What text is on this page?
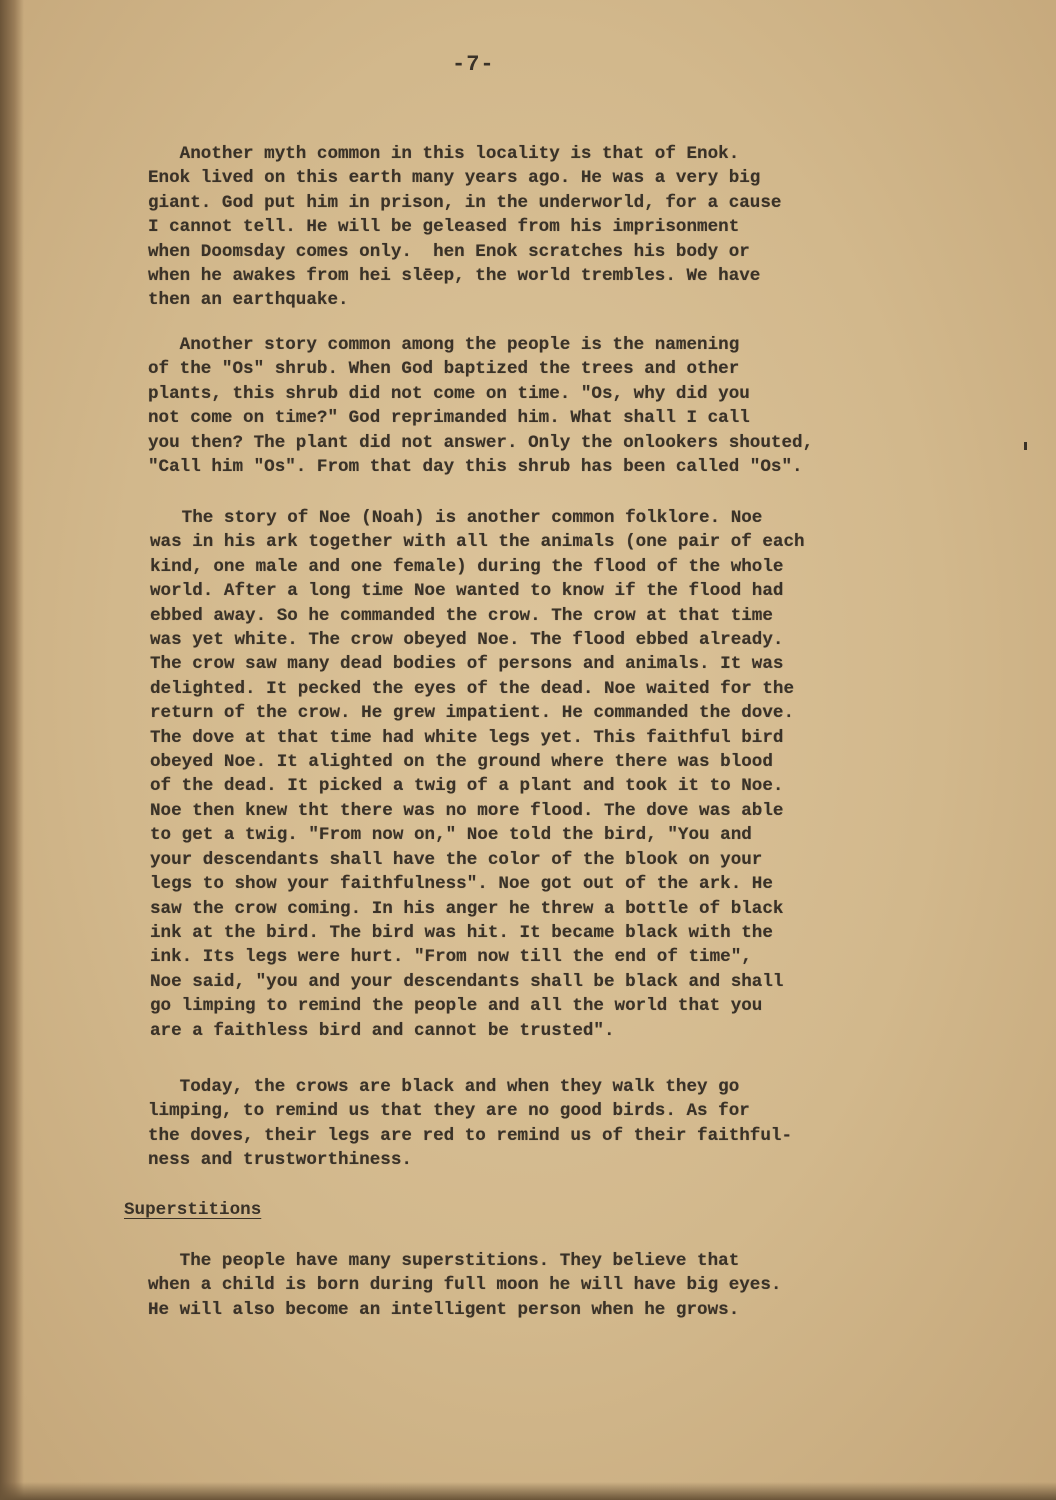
-7-

Another myth common in this locality is that of Enok.
Enok lived on this earth many years ago. He was a very big
giant. God put him in prison, in the underworld, for a cause
I cannot tell. He will be geleased from his imprisonment
when Doomsday comes only.  hen Enok scratches his body or
when he awakes from hei slēep, the world trembles. We have
then an earthquake.

Another story common among the people is the namening
of the "Os" shrub. When God baptized the trees and other
plants, this shrub did not come on time. "Os, why did you
not come on time?" God reprimanded him. What shall I call
you then? The plant did not answer. Only the onlookers shouted,
"Call him "Os". From that day this shrub has been called "Os".

The story of Noe (Noah) is another common folklore. Noe
was in his ark together with all the animals (one pair of each
kind, one male and one female) during the flood of the whole
world. After a long time Noe wanted to know if the flood had
ebbed away. So he commanded the crow. The crow at that time
was yet white. The crow obeyed Noe. The flood ebbed already.
The crow saw many dead bodies of persons and animals. It was
delighted. It pecked the eyes of the dead. Noe waited for the
return of the crow. He grew impatient. He commanded the dove.
The dove at that time had white legs yet. This faithful bird
obeyed Noe. It alighted on the ground where there was blood
of the dead. It picked a twig of a plant and took it to Noe.
Noe then knew tht there was no more flood. The dove was able
to get a twig. "From now on," Noe told the bird, "You and
your descendants shall have the color of the blook on your
legs to show your faithfulness". Noe got out of the ark. He
saw the crow coming. In his anger he threw a bottle of black
ink at the bird. The bird was hit. It became black with the
ink. Its legs were hurt. "From now till the end of time",
Noe said, "you and your descendants shall be black and shall
go limping to remind the people and all the world that you
are a faithless bird and cannot be trusted".

Today, the crows are black and when they walk they go
limping, to remind us that they are no good birds. As for
the doves, their legs are red to remind us of their faithful-
ness and trustworthiness.

Superstitions

The people have many superstitions. They believe that
when a child is born during full moon he will have big eyes.
He will also become an intelligent person when he grows.
